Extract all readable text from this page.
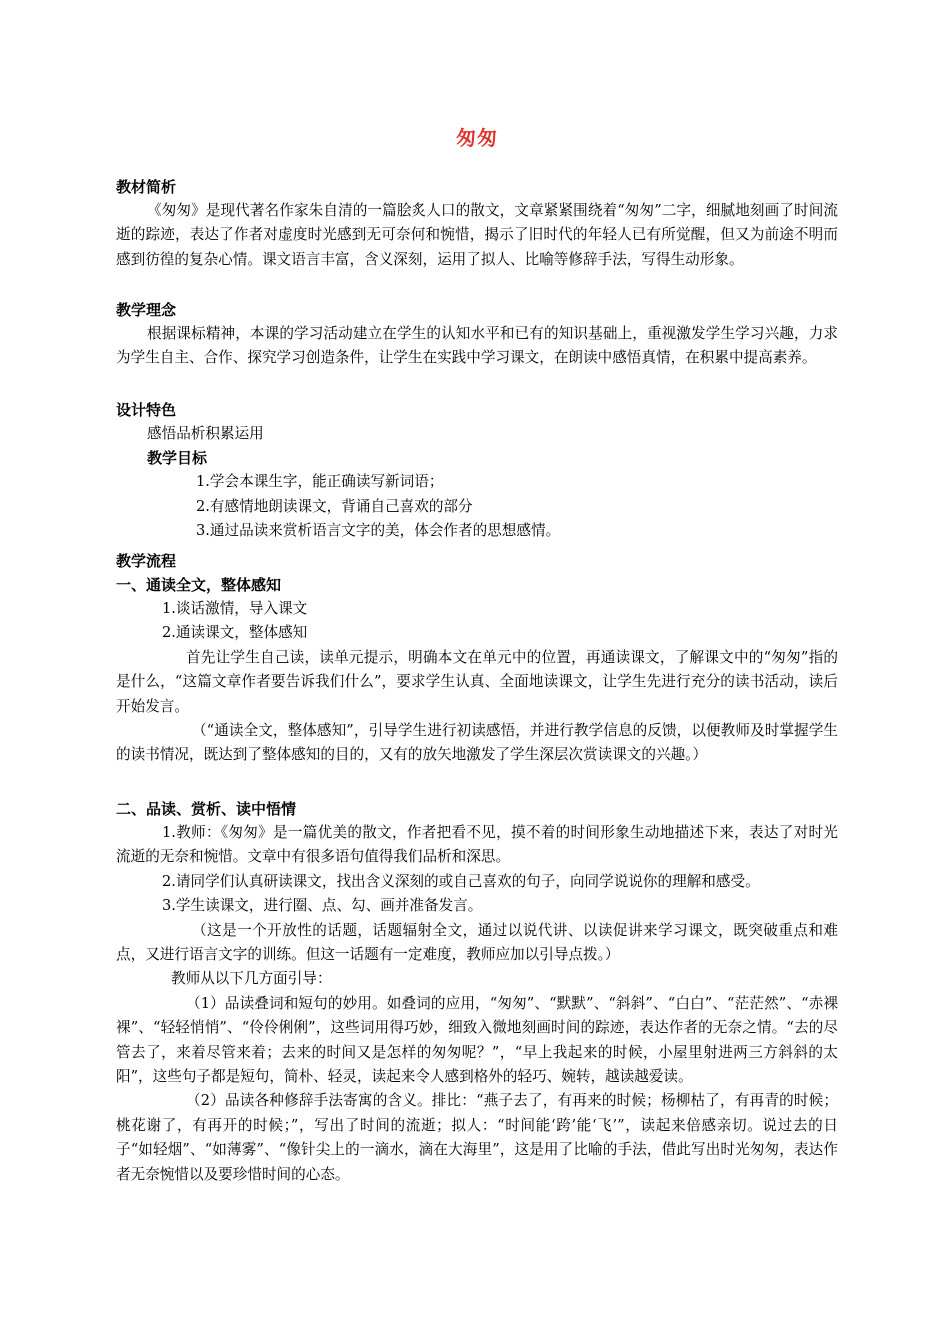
匆匆
教材简析

《匆匆》是现代著名作家朱自清的一篇脍炙人口的散文，文章紧紧围绕着“匆匆”二字，细腻地刻画了时间流逝的踪迹，表达了作者对虚度时光感到无可奈何和惋惜，揭示了旧时代的年轻人已有所觉醒，但又为前途不明而感到彷徨的复杂心情。课文语言丰富，含义深刻，运用了拟人、比喻等修辞手法，写得生动形象。

教学理念

根据课标精神，本课的学习活动建立在学生的认知水平和已有的知识基础上，重视激发学生学习兴趣，力求为学生自主、合作、探究学习创造条件，让学生在实践中学习课文，在朗读中感悟真情，在积累中提高素养。

设计特色

感悟品析积累运用

教学目标

1.学会本课生字，能正确读写新词语；

2.有感情地朗读课文，背诵自己喜欢的部分

3.通过品读来赏析语言文字的美，体会作者的思想感情。

教学流程
一、通读全文，整体感知

1.谈话激情，导入课文

2.通读课文，整体感知

首先让学生自己读，读单元提示，明确本文在单元中的位置，再通读课文，了解课文中的“匆匆”指的是什么，“这篇文章作者要告诉我们什么”，要求学生认真、全面地读课文，让学生先进行充分的读书活动，读后开始发言。

（“通读全文，整体感知”，引导学生进行初读感悟，并进行教学信息的反馈，以便教师及时掌握学生的读书情况，既达到了整体感知的目的，又有的放矢地激发了学生深层次赏读课文的兴趣。）

二、品读、赏析、读中悟情

1.教师：《匆匆》是一篇优美的散文，作者把看不见，摸不着的时间形象生动地描述下来，表达了对时光流逝的无奈和惋惜。文章中有很多语句值得我们品析和深思。

2.请同学们认真研读课文，找出含义深刻的或自己喜欢的句子，向同学说说你的理解和感受。

3.学生读课文，进行圈、点、勾、画并准备发言。

（这是一个开放性的话题，话题辐射全文，通过以说代讲、以读促讲来学习课文，既突破重点和难点，又进行语言文字的训练。但这一话题有一定难度，教师应加以引导点拨。）

教师从以下几方面引导：

（1）品读叠词和短句的妙用。如叠词的应用，“匆匆”、“默默”、“斜斜”、“白白”、“茫茫然”、“赤裸裸”、“轻轻悄悄”、“伶伶俐俐”，这些词用得巧妙，细致入微地刻画时间的踪迹，表达作者的无奈之情。“去的尽管去了，来着尽管来着；去来的时间又是怎样的匆匆呢？”，“早上我起来的时候，小屋里射进两三方斜斜的太阳”，这些句子都是短句，简朴、轻灵，读起来令人感到格外的轻巧、婉转，越读越爱读。

（2）品读各种修辞手法寄寓的含义。排比：“燕子去了，有再来的时候；杨柳枯了，有再青的时候；桃花谢了，有再开的时候；”，写出了时间的流逝；拟人：“时间能‘跨’能‘飞’”，读起来倍感亲切。说过去的日子“如轻烟”、“如薄雾”、“像针尖上的一滴水，滴在大海里”，这是用了比喻的手法，借此写出时光匆匆，表达作者无奈惋惜以及要珍惜时间的心态。
